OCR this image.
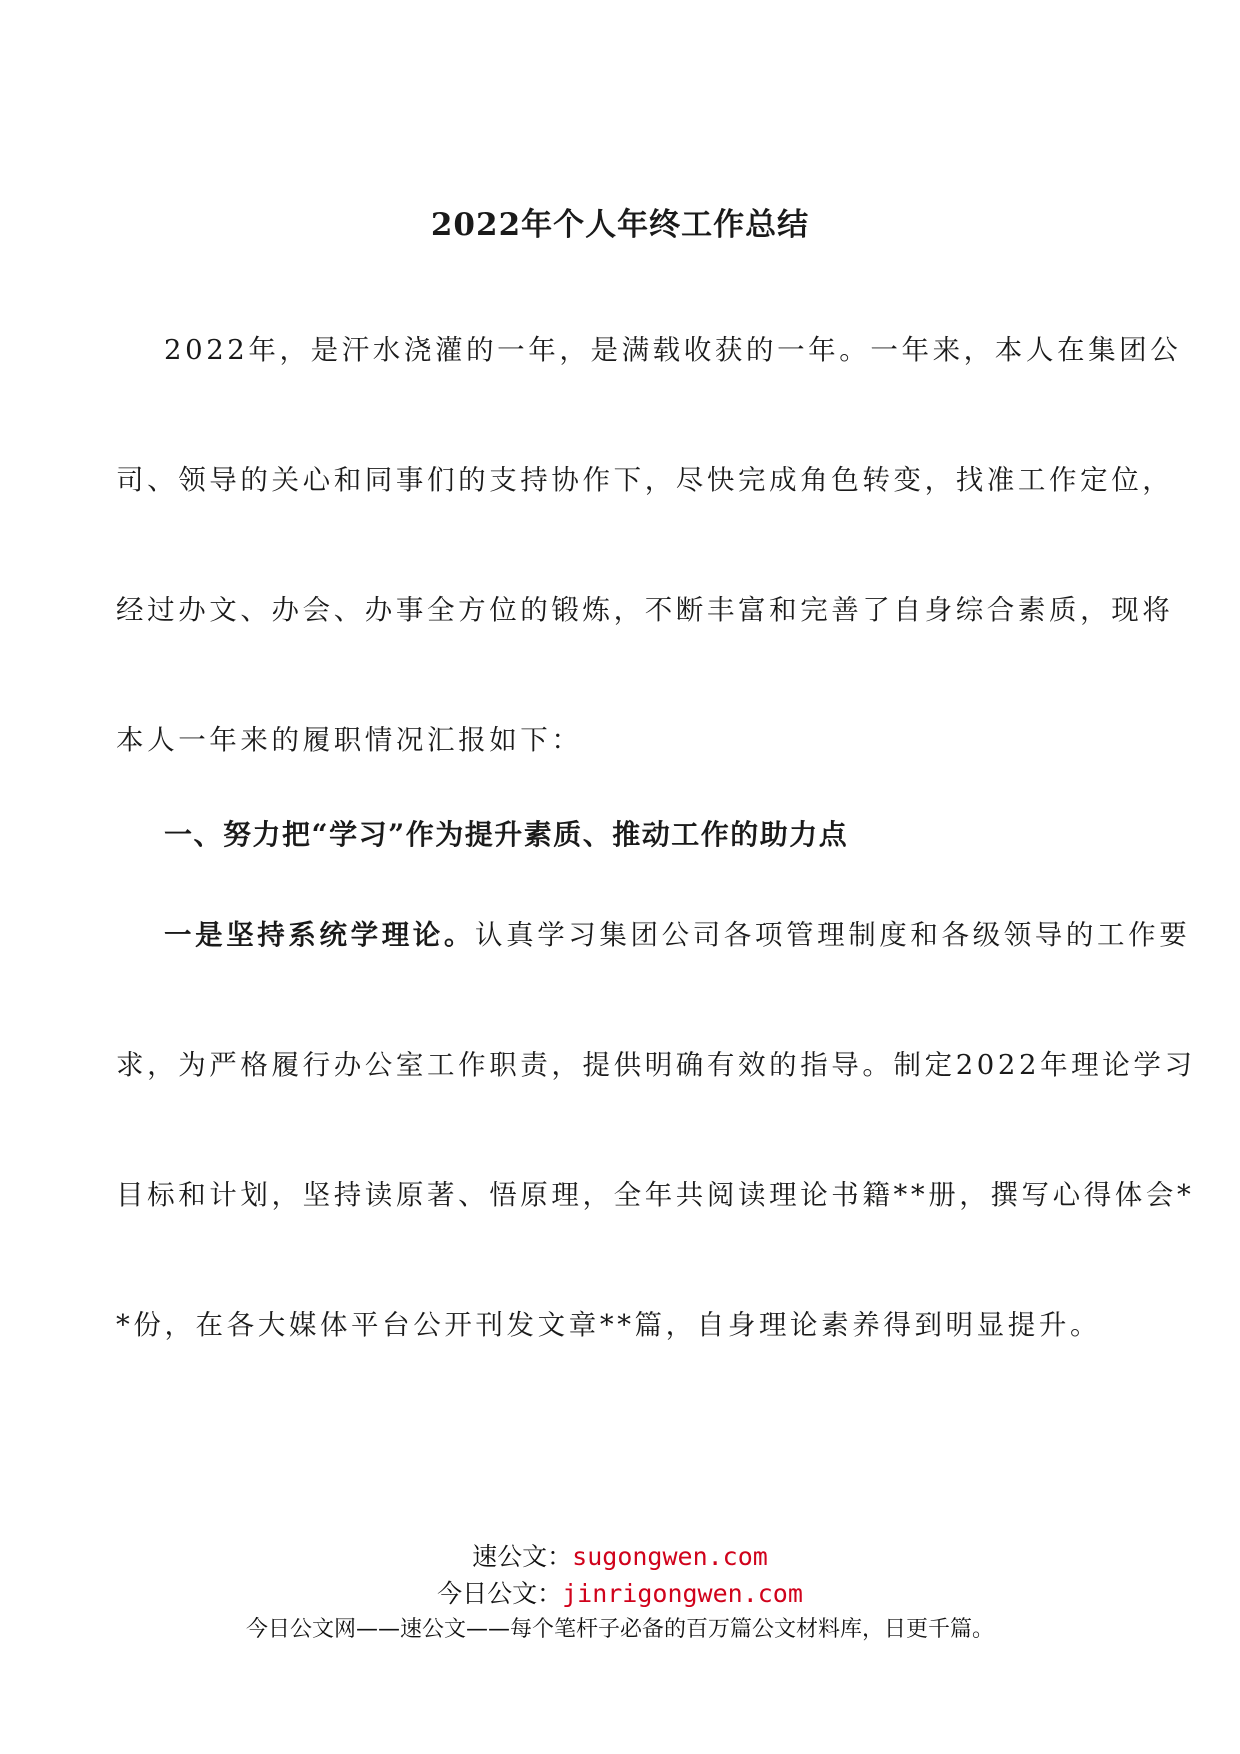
2022年个人年终工作总结
2022年，是汗水浇灌的一年，是满载收获的一年。一年来，本人在集团公
司、领导的关心和同事们的支持协作下，尽快完成角色转变，找准工作定位，
经过办文、办会、办事全方位的锻炼，不断丰富和完善了自身综合素质，现将
本人一年来的履职情况汇报如下：
一、努力把“学习”作为提升素质、推动工作的助力点
一是坚持系统学理论。认真学习集团公司各项管理制度和各级领导的工作要
求，为严格履行办公室工作职责，提供明确有效的指导。制定2022年理论学习
目标和计划，坚持读原著、悟原理，全年共阅读理论书籍**册，撰写心得体会*
*份，在各大媒体平台公开刊发文章**篇，自身理论素养得到明显提升。
速公文：sugongwen.com
今日公文：jinrigongwen.com
今日公文网——速公文——每个笔杆子必备的百万篇公文材料库，日更千篇。
